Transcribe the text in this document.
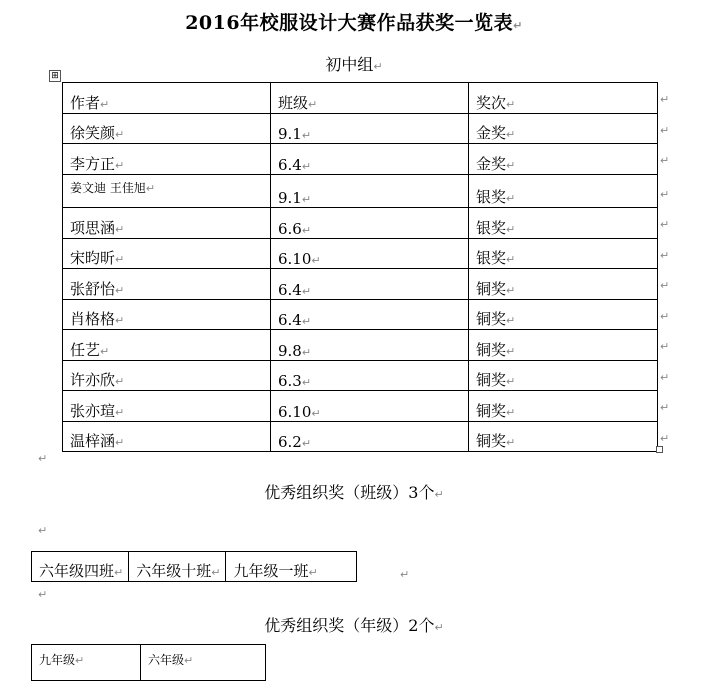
2016年校服设计大赛作品获奖一览表↵

初中组↵

⊞
作者↵	班级↵	奖次↵
徐笑颜↵	9.1↵	金奖↵
李方正↵	6.4↵	金奖↵
姜文迪 王佳旭↵	9.1↵	银奖↵
项思涵↵	6.6↵	银奖↵
宋昀昕↵	6.10↵	银奖↵
张舒怡↵	6.4↵	铜奖↵
肖格格↵	6.4↵	铜奖↵
任艺↵	9.8↵	铜奖↵
许亦欣↵	6.3↵	铜奖↵
张亦瑄↵	6.10↵	铜奖↵
温梓涵↵	6.2↵	铜奖↵
↵

优秀组织奖（班级）3个↵

↵
六年级四班↵	六年级十班↵	九年级一班↵	↵
↵

优秀组织奖（年级）2个↵

九年级↵	六年级↵
↵
↵
↵
↵
↵
↵
↵
↵
↵
↵
↵
↵
